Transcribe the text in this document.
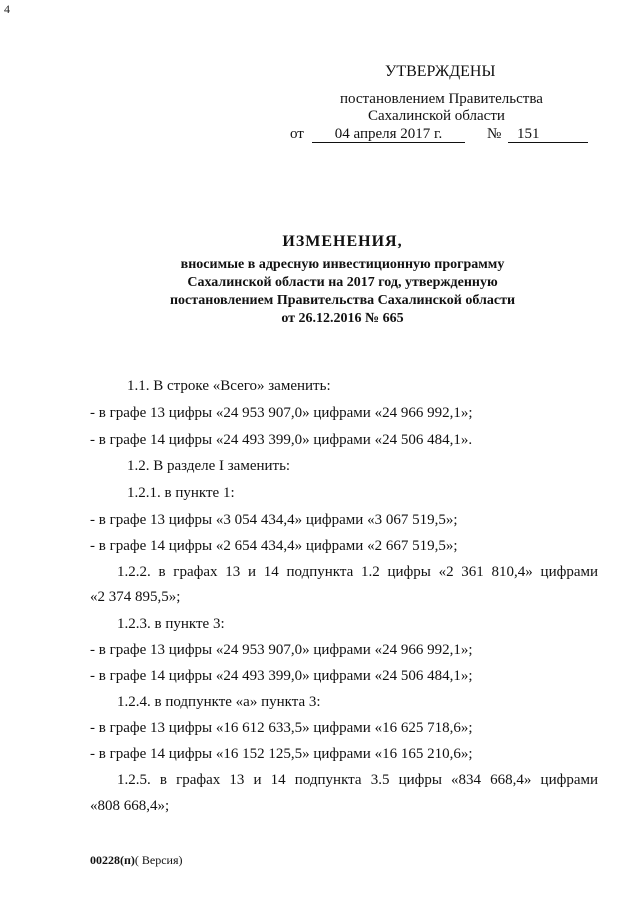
4
УТВЕРЖДЕНЫ
постановлением Правительства
Сахалинской области
от	04 апреля 2017 г.	№ 151
ИЗМЕНЕНИЯ,
вносимые в адресную инвестиционную программу
Сахалинской области на 2017 год, утвержденную
постановлением Правительства Сахалинской области
от 26.12.2016 № 665
1.1. В строке «Всего» заменить:
- в графе 13 цифры «24 953 907,0» цифрами «24 966 992,1»;
- в графе 14 цифры «24 493 399,0» цифрами «24 506 484,1».
1.2. В разделе I заменить:
1.2.1. в пункте 1:
- в графе 13 цифры «3 054 434,4» цифрами «3 067 519,5»;
- в графе 14 цифры «2 654 434,4» цифрами «2 667 519,5»;
1.2.2. в графах 13 и 14 подпункта 1.2 цифры «2 361 810,4» цифрами
«2 374 895,5»;
1.2.3. в пункте 3:
- в графе 13 цифры «24 953 907,0» цифрами «24 966 992,1»;
- в графе 14 цифры «24 493 399,0» цифрами «24 506 484,1»;
1.2.4. в подпункте «а» пункта 3:
- в графе 13 цифры «16 612 633,5» цифрами «16 625 718,6»;
- в графе 14 цифры «16 152 125,5» цифрами «16 165 210,6»;
1.2.5. в графах 13 и 14 подпункта 3.5 цифры «834 668,4» цифрами
«808 668,4»;
00228(п)( Версия)
